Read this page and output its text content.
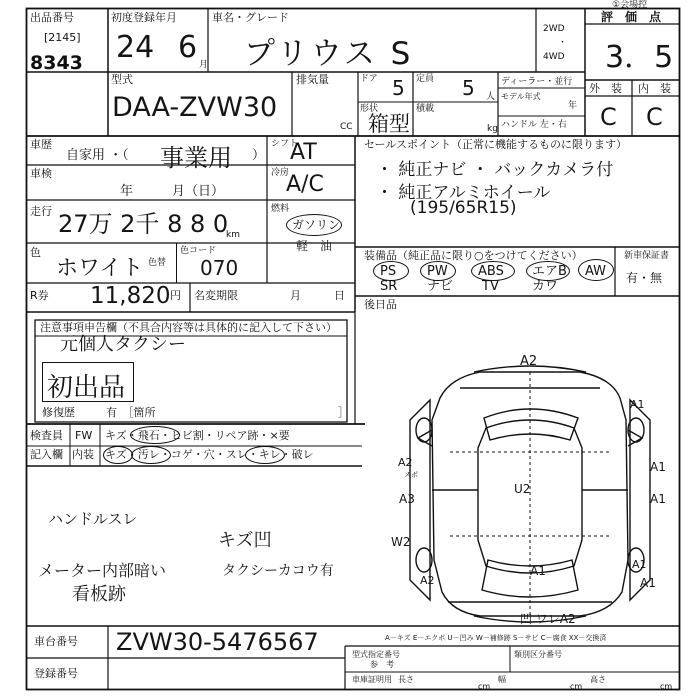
出品番号
[2145]
8343
初度登録年月
24 6 月
車名・グレード
プリウス S
2WD
・
4WD
評　価　点
3．5
外　装 内　装
C C
①会場控
型式
DAA-ZVW30
排気量
CC
ドア 5 定員 5 人
形状
箱型
積載
kg
ディーラー・並行
モデル年式
年
ハンドル 左・右
車歴
自家用 ・（ 事業用 ）
シフト
AT
車検
年　　　月（日）
冷房
A/C
走行 27万 2千 8 8 0
km
燃料
ガソリン
軽　油
色
ホワイト 色替
色コード
070
R券 11,820 円 名変期限	月　　　日
セールスポイント（正常に機能するものに限ります）
・ 純正ナビ ・ バックカメラ付
・ 純正アルミホイール
(195/65R15)
装備品（純正品に限り○をつけてください）	新車保証書
PS PW ABS エアB AW
SR ナビ TV	カワ
有・無
後日品
注意事項申告欄（不具合内容等は具体的に記入して下さい）
元個人タクシー
初出品
修復歴	有　［箇所	］
検査員
記入欄
FW キズ・飛石・ヒビ割・リペア跡・×要
内装 キズ・汚レ・コゲ・穴・スレ・キレ・破レ
ハンドルスレ
キズ凹
メーター内部暗い	タクシーカコウ有
看板跡
A2
A2	A1
A3	A1
W2
U2
A1
A2
A1
凹 ワレA2
A1
A1
スポ
A－キズ E－エクボ U－凹み W－補修跡 S－サビ C－腐食 XX－交換済
車台番号 ZVW30-5476567
登録番号
型式指定番号
参　考
類別区分番号
車庫証明用 長さ
cm
幅
cm
高さ
cm
